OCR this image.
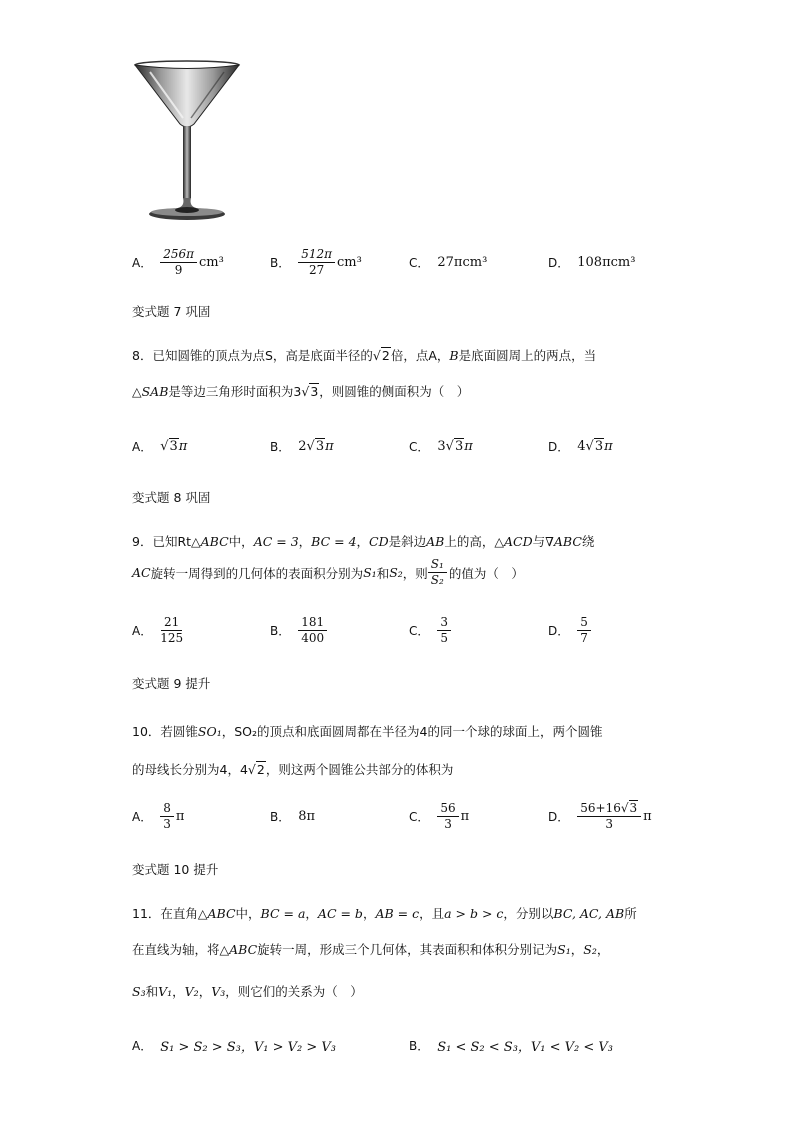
A． $\frac{256\pi}{9} cm^3$	B． $\frac{512\pi}{27} cm^3$	C． 27πcm³	D． 108πcm³
变式题 7 巩固
8．已知圆锥的顶点为点S，高是底面半径的√2倍，点A，B是底面圆周上的两点，当
△SAB是等边三角形时面积为3√3，则圆锥的侧面积为（　）
A． √3 π	B． 2 √3 π	C． 3 √3 π	D． 4 √3 π
变式题 8 巩固
9．已知Rt△ABC中，AC = 3，BC = 4，CD是斜边AB上的高，△ACD与∇ABC绕
AC 旋转一周得到的几何体的表面积分别为 S₁ 和 S₂ ，则 $\frac{\text{S₁}}{\text{S₂}}$ 的值为（　）
A． $\frac{21}{125}$	B． $\frac{181}{400}$	C． $\frac{3}{5}$	D． $\frac{5}{7}$
变式题 9 提升
10．若圆锥SO₁，SO₂的顶点和底面圆周都在半径为4的同一个球的球面上，两个圆锥
的母线长分别为4，4√2，则这两个圆锥公共部分的体积为
A． $\frac{8}{3}$ π	B． 8π	C． $\frac{56}{3}$ π	D． $\frac{56+16√3}{3}$ π
变式题 10 提升
11．在直角△ABC中，BC = a，AC = b，AB = c，且a > b > c，分别以BC, AC, AB所
在直线为轴，将△ABC旋转一周，形成三个几何体，其表面积和体积分别记为S₁，S₂，
S₃和V₁，V₂，V₃，则它们的关系为（　）
A． S₁ > S₂ > S₃，V₁ > V₂ > V₃	B． S₁ < S₂ < S₃，V₁ < V₂ < V₃
